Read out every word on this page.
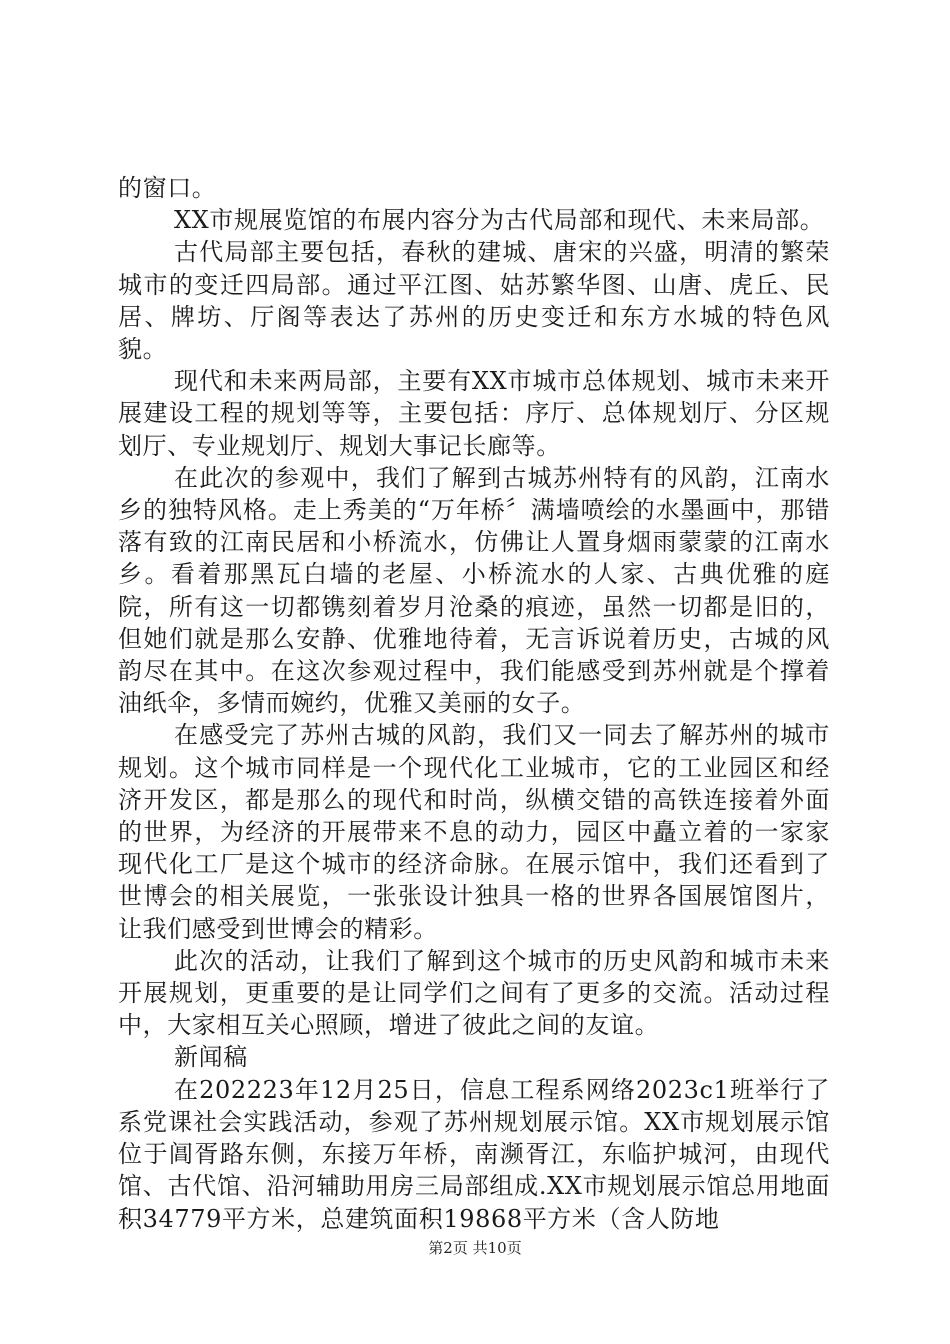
的窗口。

XX市规展览馆的布展内容分为古代局部和现代、未来局部。

古代局部主要包括，春秋的建城、唐宋的兴盛，明清的繁荣城市的变迁四局部。通过平江图、姑苏繁华图、山唐、虎丘、民居、牌坊、厅阁等表达了苏州的历史变迁和东方水城的特色风貌。

现代和未来两局部，主要有XX市城市总体规划、城市未来开展建设工程的规划等等，主要包括：序厅、总体规划厅、分区规划厅、专业规划厅、规划大事记长廊等。

在此次的参观中，我们了解到古城苏州特有的风韵，江南水乡的独特风格。走上秀美的“万年桥〞满墙喷绘的水墨画中，那错落有致的江南民居和小桥流水，仿佛让人置身烟雨蒙蒙的江南水乡。看着那黑瓦白墙的老屋、小桥流水的人家、古典优雅的庭院，所有这一切都镌刻着岁月沧桑的痕迹，虽然一切都是旧的，但她们就是那么安静、优雅地待着，无言诉说着历史，古城的风韵尽在其中。在这次参观过程中，我们能感受到苏州就是个撑着油纸伞，多情而婉约，优雅又美丽的女子。

在感受完了苏州古城的风韵，我们又一同去了解苏州的城市规划。这个城市同样是一个现代化工业城市，它的工业园区和经济开发区，都是那么的现代和时尚，纵横交错的高铁连接着外面的世界，为经济的开展带来不息的动力，园区中矗立着的一家家现代化工厂是这个城市的经济命脉。在展示馆中，我们还看到了世博会的相关展览，一张张设计独具一格的世界各国展馆图片，让我们感受到世博会的精彩。

此次的活动，让我们了解到这个城市的历史风韵和城市未来开展规划，更重要的是让同学们之间有了更多的交流。活动过程中，大家相互关心照顾，增进了彼此之间的友谊。

新闻稿

在202223年12月25日，信息工程系网络2023c1班举行了系党课社会实践活动，参观了苏州规划展示馆。XX市规划展示馆位于阊胥路东侧，东接万年桥，南濒胥江，东临护城河，由现代馆、古代馆、沿河辅助用房三局部组成.XX市规划展示馆总用地面积34779平方米，总建筑面积19868平方米（含人防地

第2页 共10页
